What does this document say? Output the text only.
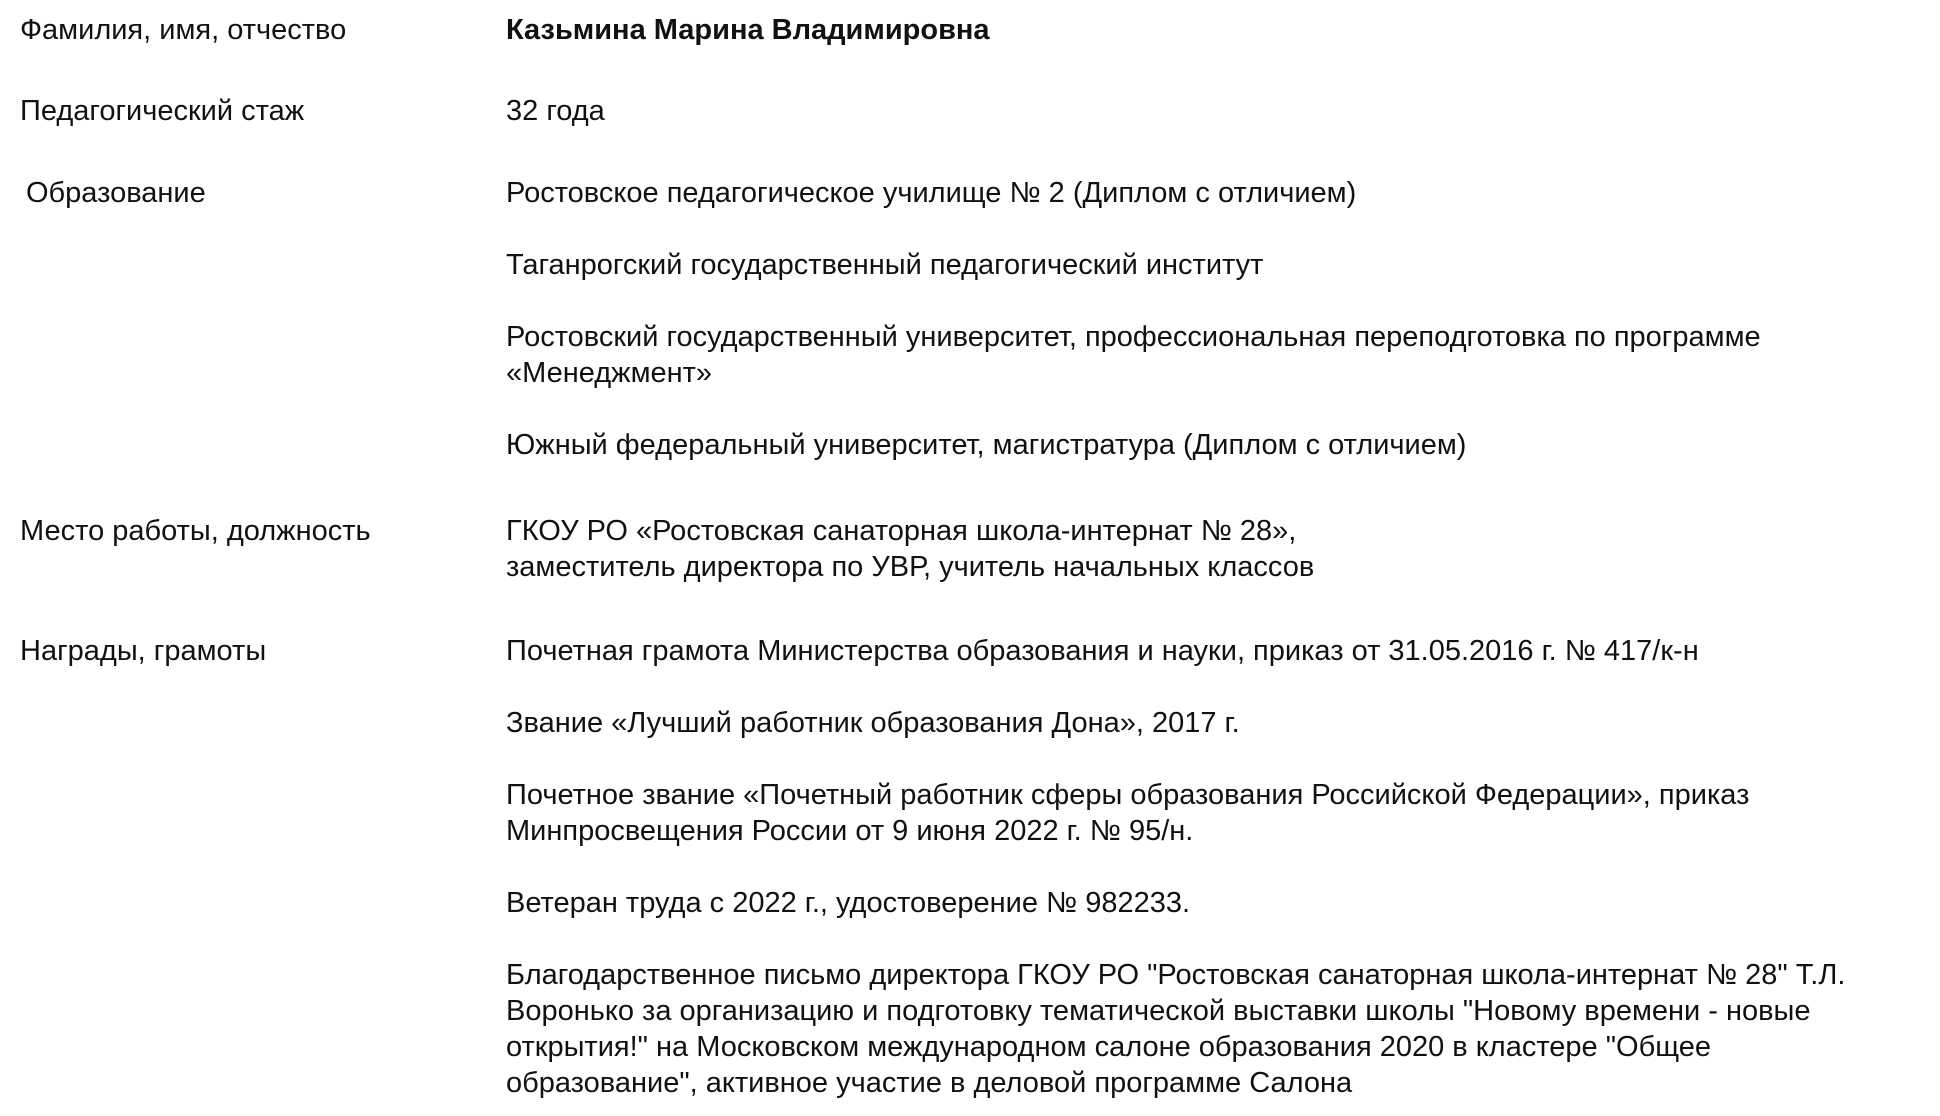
Фамилия, имя, отчество	Казьмина Марина Владимировна
Педагогический стаж	32 года
Образование	Ростовское педагогическое училище № 2 (Диплом с отличием)
Таганрогский государственный педагогический институт
Ростовский государственный университет, профессиональная переподготовка по программе «Менеджмент»
Южный федеральный университет, магистратура (Диплом с отличием)
Место работы, должность	ГКОУ РО «Ростовская санаторная школа-интернат № 28»,
заместитель директора по УВР, учитель начальных классов
Награды, грамоты	Почетная грамота Министерства образования и науки, приказ от 31.05.2016 г. № 417/к-н
Звание «Лучший работник образования Дона», 2017 г.
Почетное звание «Почетный работник сферы образования Российской Федерации», приказ Минпросвещения России от 9 июня 2022 г. № 95/н.
Ветеран труда с 2022 г., удостоверение № 982233.
Благодарственное письмо директора ГКОУ РО "Ростовская санаторная школа-интернат № 28" Т.Л. Воронько за организацию и подготовку тематической выставки школы "Новому времени - новые открытия!" на Московском международном салоне образования 2020 в кластере "Общее образование", активное участие в деловой программе Салона
